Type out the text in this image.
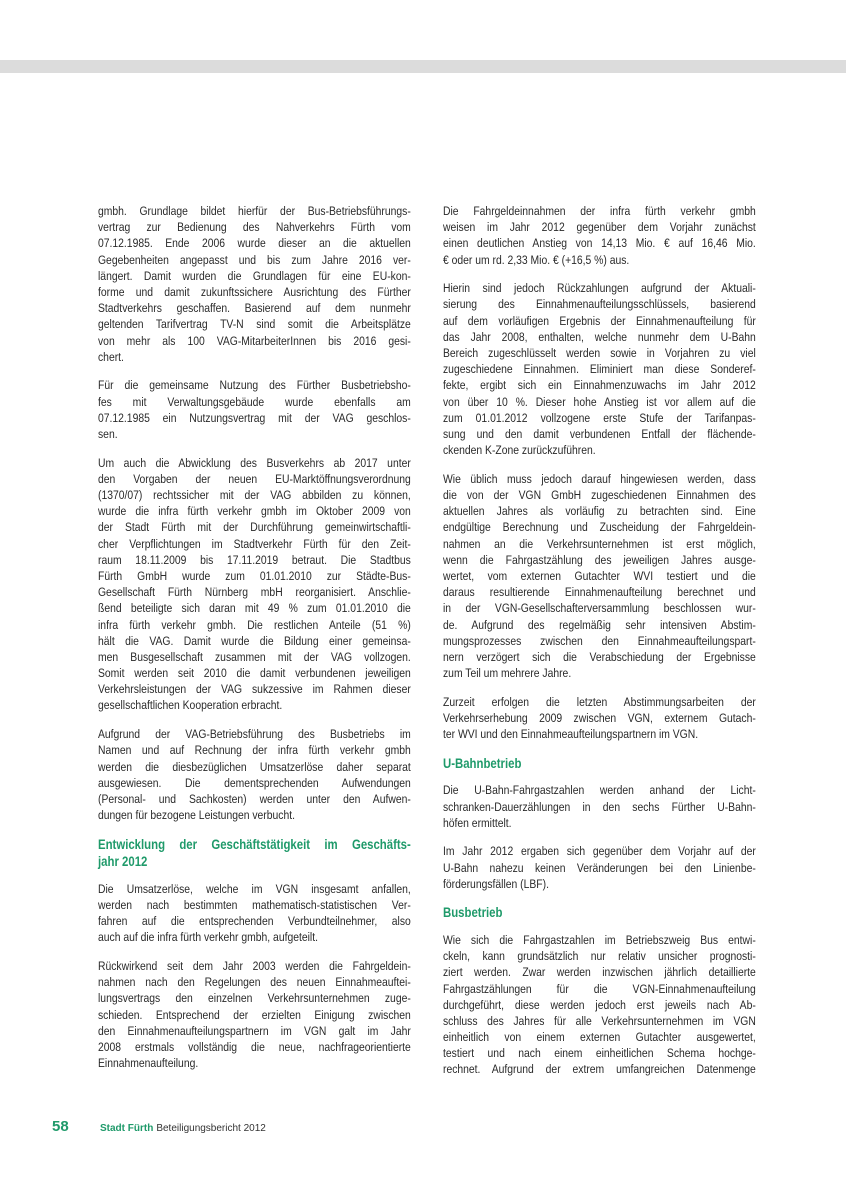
gmbh. Grundlage bildet hierfür der Bus-Betriebsführungs-
vertrag zur Bedienung des Nahverkehrs Fürth vom
07.12.1985. Ende 2006 wurde dieser an die aktuellen
Gegebenheiten angepasst und bis zum Jahre 2016 ver-
längert. Damit wurden die Grundlagen für eine EU-kon-
forme und damit zukunftssichere Ausrichtung des Fürther
Stadtverkehrs geschaffen. Basierend auf dem nunmehr
geltenden Tarifvertrag TV-N sind somit die Arbeitsplätze
von mehr als 100 VAG-MitarbeiterInnen bis 2016 gesi-
chert.
Für die gemeinsame Nutzung des Fürther Busbetriebsho-
fes mit Verwaltungsgebäude wurde ebenfalls am
07.12.1985 ein Nutzungsvertrag mit der VAG geschlos-
sen.
Um auch die Abwicklung des Busverkehrs ab 2017 unter
den Vorgaben der neuen EU-Marktöffnungsverordnung
(1370/07) rechtssicher mit der VAG abbilden zu können,
wurde die infra fürth verkehr gmbh im Oktober 2009 von
der Stadt Fürth mit der Durchführung gemeinwirtschaftli-
cher Verpflichtungen im Stadtverkehr Fürth für den Zeit-
raum 18.11.2009 bis 17.11.2019 betraut. Die Stadtbus
Fürth GmbH wurde zum 01.01.2010 zur Städte-Bus-
Gesellschaft Fürth Nürnberg mbH reorganisiert. Anschlie-
ßend beteiligte sich daran mit 49 % zum 01.01.2010 die
infra fürth verkehr gmbh. Die restlichen Anteile (51 %)
hält die VAG. Damit wurde die Bildung einer gemeinsa-
men Busgesellschaft zusammen mit der VAG vollzogen.
Somit werden seit 2010 die damit verbundenen jeweiligen
Verkehrsleistungen der VAG sukzessive im Rahmen dieser
gesellschaftlichen Kooperation erbracht.
Aufgrund der VAG-Betriebsführung des Busbetriebs im
Namen und auf Rechnung der infra fürth verkehr gmbh
werden die diesbezüglichen Umsatzerlöse daher separat
ausgewiesen. Die dementsprechenden Aufwendungen
(Personal- und Sachkosten) werden unter den Aufwen-
dungen für bezogene Leistungen verbucht.
Entwicklung der Geschäftstätigkeit im Geschäfts-
jahr 2012
Die Umsatzerlöse, welche im VGN insgesamt anfallen,
werden nach bestimmten mathematisch-statistischen Ver-
fahren auf die entsprechenden Verbundteilnehmer, also
auch auf die infra fürth verkehr gmbh, aufgeteilt.
Rückwirkend seit dem Jahr 2003 werden die Fahrgeldein-
nahmen nach den Regelungen des neuen Einnahmeauftei-
lungsvertrags den einzelnen Verkehrsunternehmen zuge-
schieden. Entsprechend der erzielten Einigung zwischen
den Einnahmenaufteilungspartnern im VGN galt im Jahr
2008 erstmals vollständig die neue, nachfrageorientierte
Einnahmenaufteilung.
Die Fahrgeldeinnahmen der infra fürth verkehr gmbh
weisen im Jahr 2012 gegenüber dem Vorjahr zunächst
einen deutlichen Anstieg von 14,13 Mio. € auf 16,46 Mio.
€ oder um rd. 2,33 Mio. € (+16,5 %) aus.
Hierin sind jedoch Rückzahlungen aufgrund der Aktuali-
sierung des Einnahmenaufteilungsschlüssels, basierend
auf dem vorläufigen Ergebnis der Einnahmenaufteilung für
das Jahr 2008, enthalten, welche nunmehr dem U-Bahn
Bereich zugeschlüsselt werden sowie in Vorjahren zu viel
zugeschiedene Einnahmen. Eliminiert man diese Sonderef-
fekte, ergibt sich ein Einnahmenzuwachs im Jahr 2012
von über 10 %. Dieser hohe Anstieg ist vor allem auf die
zum 01.01.2012 vollzogene erste Stufe der Tarifanpas-
sung und den damit verbundenen Entfall der flächende-
ckenden K-Zone zurückzuführen.
Wie üblich muss jedoch darauf hingewiesen werden, dass
die von der VGN GmbH zugeschiedenen Einnahmen des
aktuellen Jahres als vorläufig zu betrachten sind. Eine
endgültige Berechnung und Zuscheidung der Fahrgeldein-
nahmen an die Verkehrsunternehmen ist erst möglich,
wenn die Fahrgastzählung des jeweiligen Jahres ausge-
wertet, vom externen Gutachter WVI testiert und die
daraus resultierende Einnahmenaufteilung berechnet und
in der VGN-Gesellschafterversammlung beschlossen wur-
de. Aufgrund des regelmäßig sehr intensiven Abstim-
mungsprozesses zwischen den Einnahmeaufteilungspart-
nern verzögert sich die Verabschiedung der Ergebnisse
zum Teil um mehrere Jahre.
Zurzeit erfolgen die letzten Abstimmungsarbeiten der
Verkehrserhebung 2009 zwischen VGN, externem Gutach-
ter WVI und den Einnahmeaufteilungspartnern im VGN.
U-Bahnbetrieb
Die U-Bahn-Fahrgastzahlen werden anhand der Licht-
schranken-Dauerzählungen in den sechs Fürther U-Bahn-
höfen ermittelt.
Im Jahr 2012 ergaben sich gegenüber dem Vorjahr auf der
U-Bahn nahezu keinen Veränderungen bei den Linienbe-
förderungsfällen (LBF).
Busbetrieb
Wie sich die Fahrgastzahlen im Betriebszweig Bus entwi-
ckeln, kann grundsätzlich nur relativ unsicher prognosti-
ziert werden. Zwar werden inzwischen jährlich detaillierte
Fahrgastzählungen für die VGN-Einnahmenaufteilung
durchgeführt, diese werden jedoch erst jeweils nach Ab-
schluss des Jahres für alle Verkehrsunternehmen im VGN
einheitlich von einem externen Gutachter ausgewertet,
testiert und nach einem einheitlichen Schema hochge-
rechnet. Aufgrund der extrem umfangreichen Datenmenge
58	Stadt Fürth Beteiligungsbericht 2012
